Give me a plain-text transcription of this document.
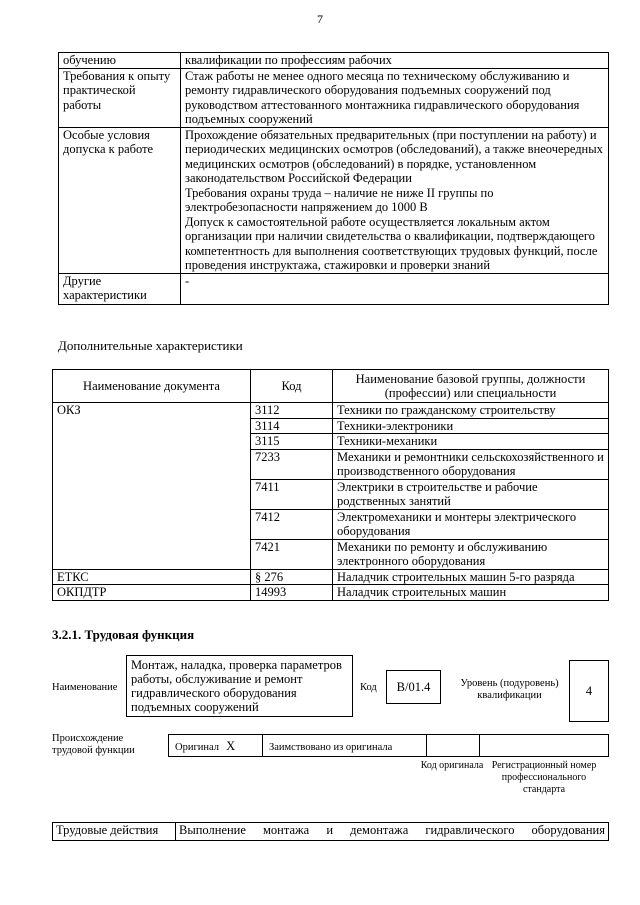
7
обучению	квалификации по профессиям рабочих
Требования к опыту практической работы	Стаж работы не менее одного месяца по техническому обслуживанию и ремонту гидравлического оборудования подъемных сооружений под руководством аттестованного монтажника гидравлического оборудования подъемных сооружений
Особые условия допуска к работе	Прохождение обязательных предварительных (при поступлении на работу) и периодических медицинских осмотров (обследований), а также внеочередных медицинских осмотров (обследований) в порядке, установленном законодательством Российской Федерации
Требования охраны труда – наличие не ниже II группы по электробезопасности напряжением до 1000 В
Допуск к самостоятельной работе осуществляется локальным актом организации при наличии свидетельства о квалификации, подтверждающего компетентность для выполнения соответствующих трудовых функций, после проведения инструктажа, стажировки и проверки знаний

Другие характеристики	-
Дополнительные характеристики
Наименование документа	Код	Наименование базовой группы, должности (профессии) или специальности
ОКЗ	3112	Техники по гражданскому строительству
	3114	Техники-электроники
	3115	Техники-механики
	7233	Механики и ремонтники сельскохозяйственного и производственного оборудования
	7411	Электрики в строительстве и рабочие родственных занятий
	7412	Электромеханики и монтеры электрического оборудования
	7421	Механики по ремонту и обслуживанию электронного оборудования
ЕТКС	§ 276	Наладчик строительных машин 5-го разряда
ОКПДТР	14993	Наладчик строительных машин
3.2.1. Трудовая функция
Наименование
Монтаж, наладка, проверка параметров работы, обслуживание и ремонт гидравлического оборудования подъемных сооружений
Код	B/01.4	Уровень (подуровень) квалификации	4
Происхождение трудовой функции	Оригинал X	Заимствовано из оригинала
Код оригинала Регистрационный номер профессионального стандарта
Трудовые действия	Выполнение монтажа и демонтажа гидравлического оборудования
